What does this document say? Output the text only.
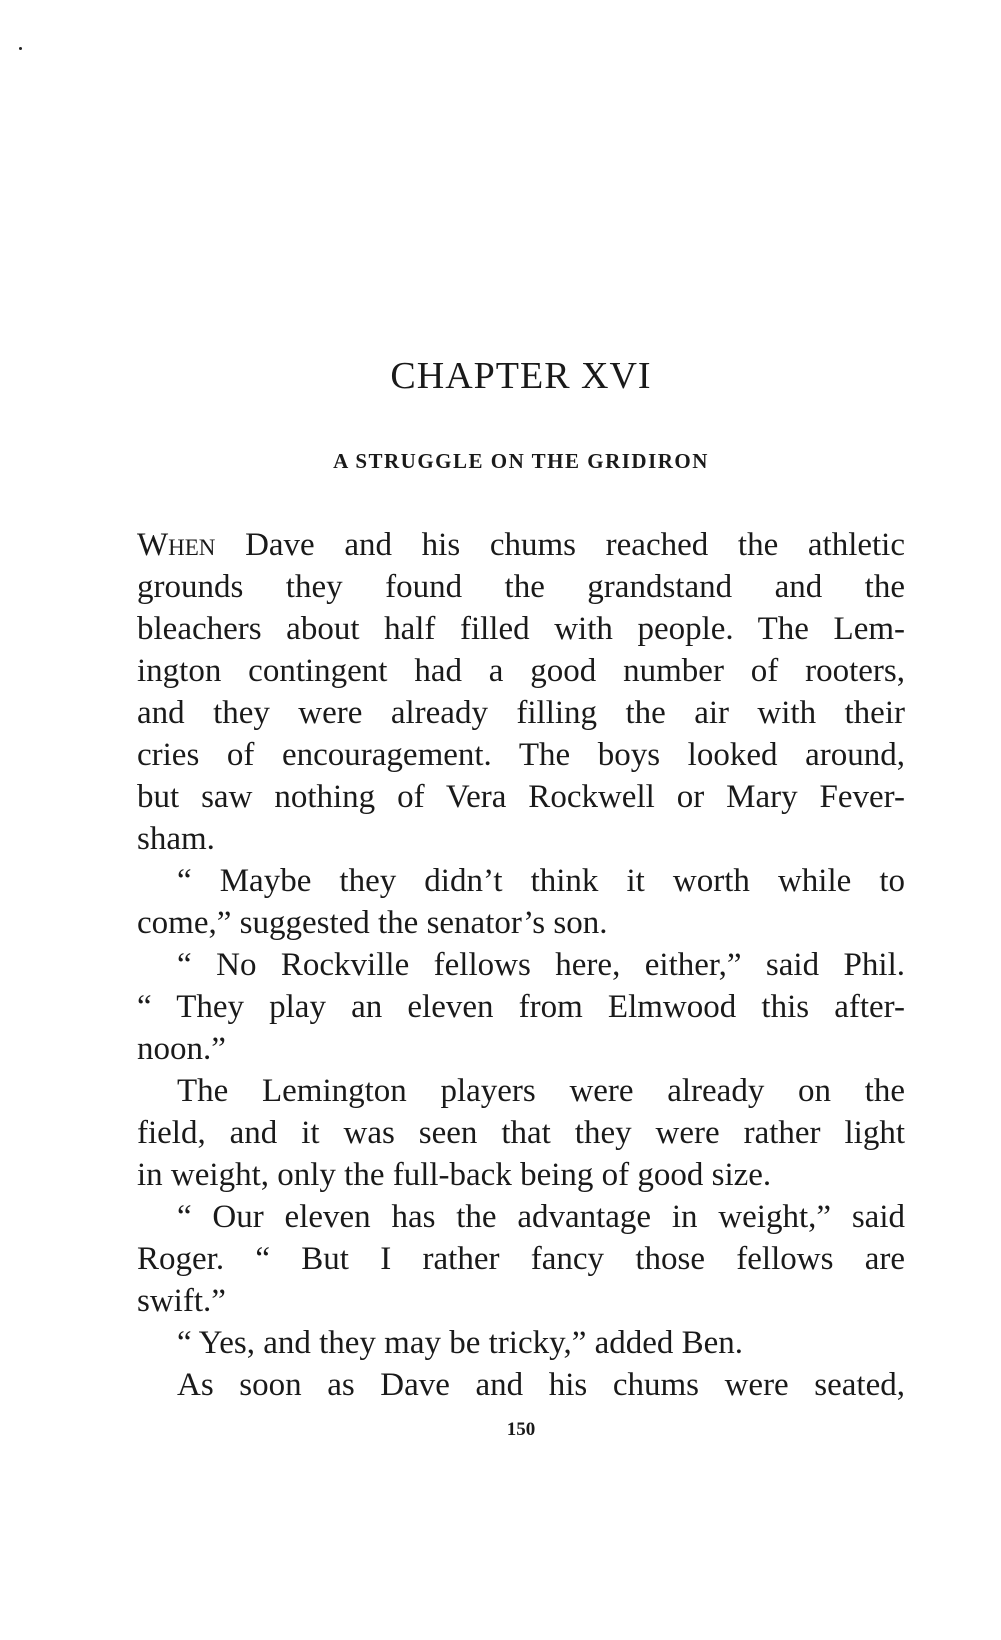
CHAPTER XVI
A STRUGGLE ON THE GRIDIRON
When Dave and his chums reached the athletic
grounds they found the grandstand and the
bleachers about half filled with people. The Lem-
ington contingent had a good number of rooters,
and they were already filling the air with their
cries of encouragement. The boys looked around,
but saw nothing of Vera Rockwell or Mary Fever-
sham.
“ Maybe they didn’t think it worth while to
come,” suggested the senator’s son.
“ No Rockville fellows here, either,” said Phil.
“ They play an eleven from Elmwood this after-
noon.”
The Lemington players were already on the
field, and it was seen that they were rather light
in weight, only the full-back being of good size.
“ Our eleven has the advantage in weight,” said
Roger. “ But I rather fancy those fellows are
swift.”
“ Yes, and they may be tricky,” added Ben.
As soon as Dave and his chums were seated,
150
